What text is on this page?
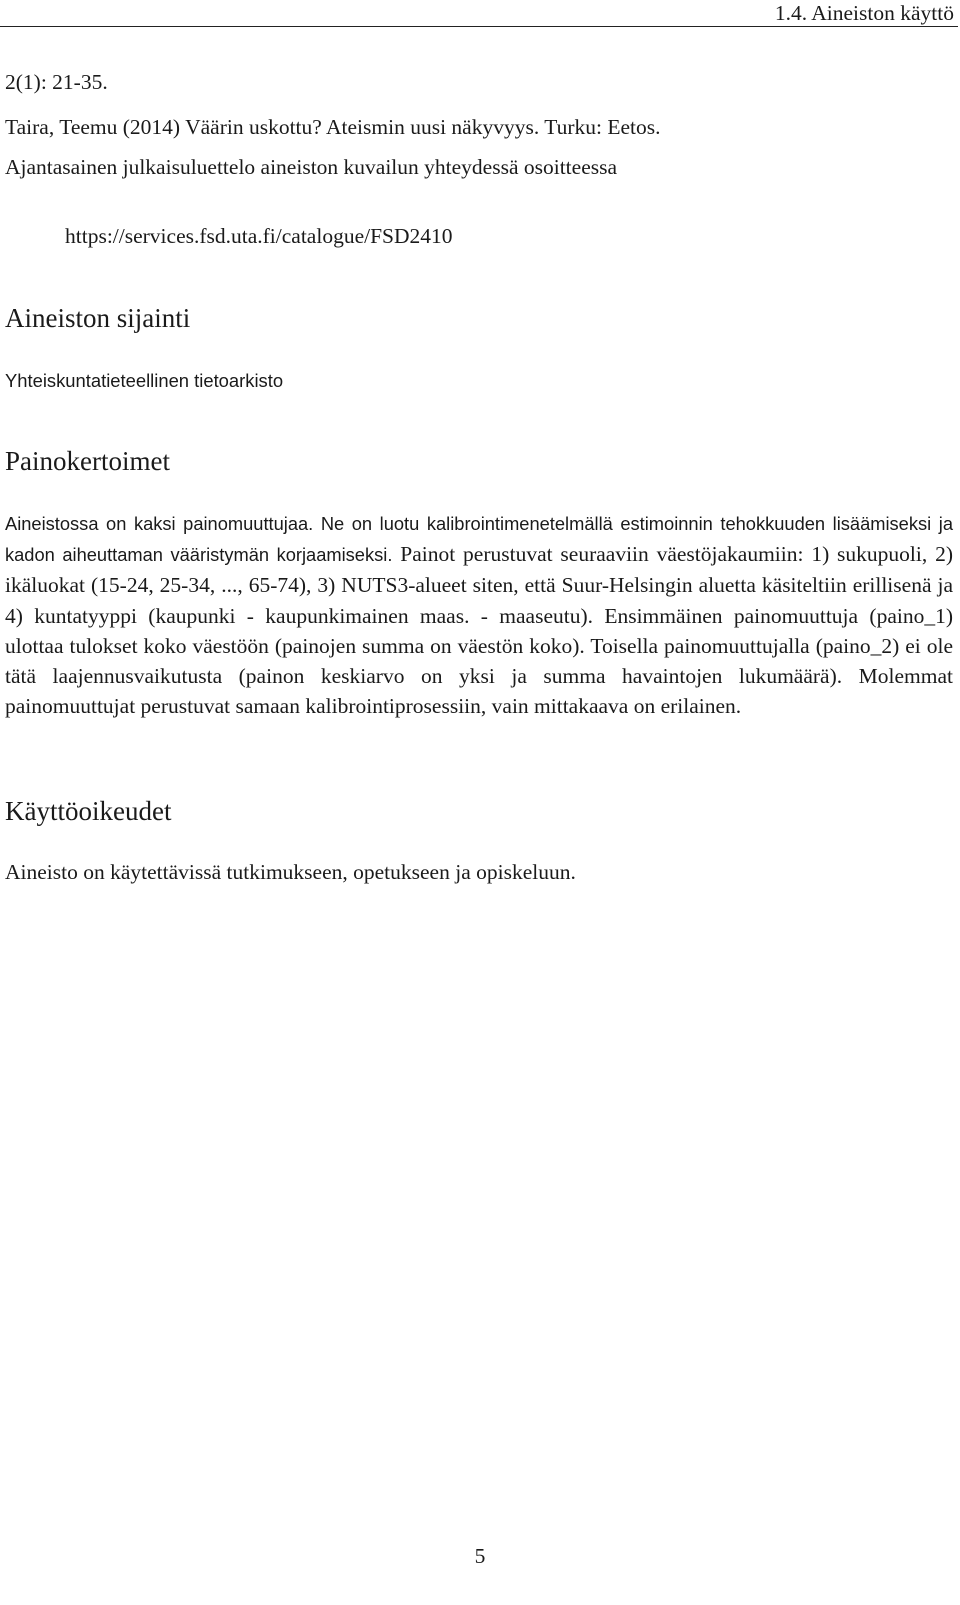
1.4. Aineiston käyttö
2(1): 21-35.
Taira, Teemu (2014) Väärin uskottu? Ateismin uusi näkyvyys. Turku: Eetos.
Ajantasainen julkaisuluettelo aineiston kuvailun yhteydessä osoitteessa
https://services.fsd.uta.fi/catalogue/FSD2410
Aineiston sijainti
Yhteiskuntatieteellinen tietoarkisto
Painokertoimet
Aineistossa on kaksi painomuuttujaa. Ne on luotu kalibrointimenetelmällä estimoinnin tehokkuuden lisäämiseksi ja kadon aiheuttaman vääristymän korjaamiseksi. Painot perustuvat seuraaviin väestöjakaumiin: 1) sukupuoli, 2) ikäluokat (15-24, 25-34, ..., 65-74), 3) NUTS3-alueet siten, että Suur-Helsingin aluetta käsiteltiin erillisenä ja 4) kuntatyyppi (kaupunki - kaupunkimainen maas. - maaseutu). Ensimmäinen painomuuttuja (paino_1) ulottaa tulokset koko väestöön (painojen summa on väestön koko). Toisella painomuuttujalla (paino_2) ei ole tätä laajennusvaikutusta (painon keskiarvo on yksi ja summa havaintojen lukumäärä). Molemmat painomuuttujat perustuvat samaan kalibrointiprosessiin, vain mittakaava on erilainen.
Käyttöoikeudet
Aineisto on käytettävissä tutkimukseen, opetukseen ja opiskeluun.
5
